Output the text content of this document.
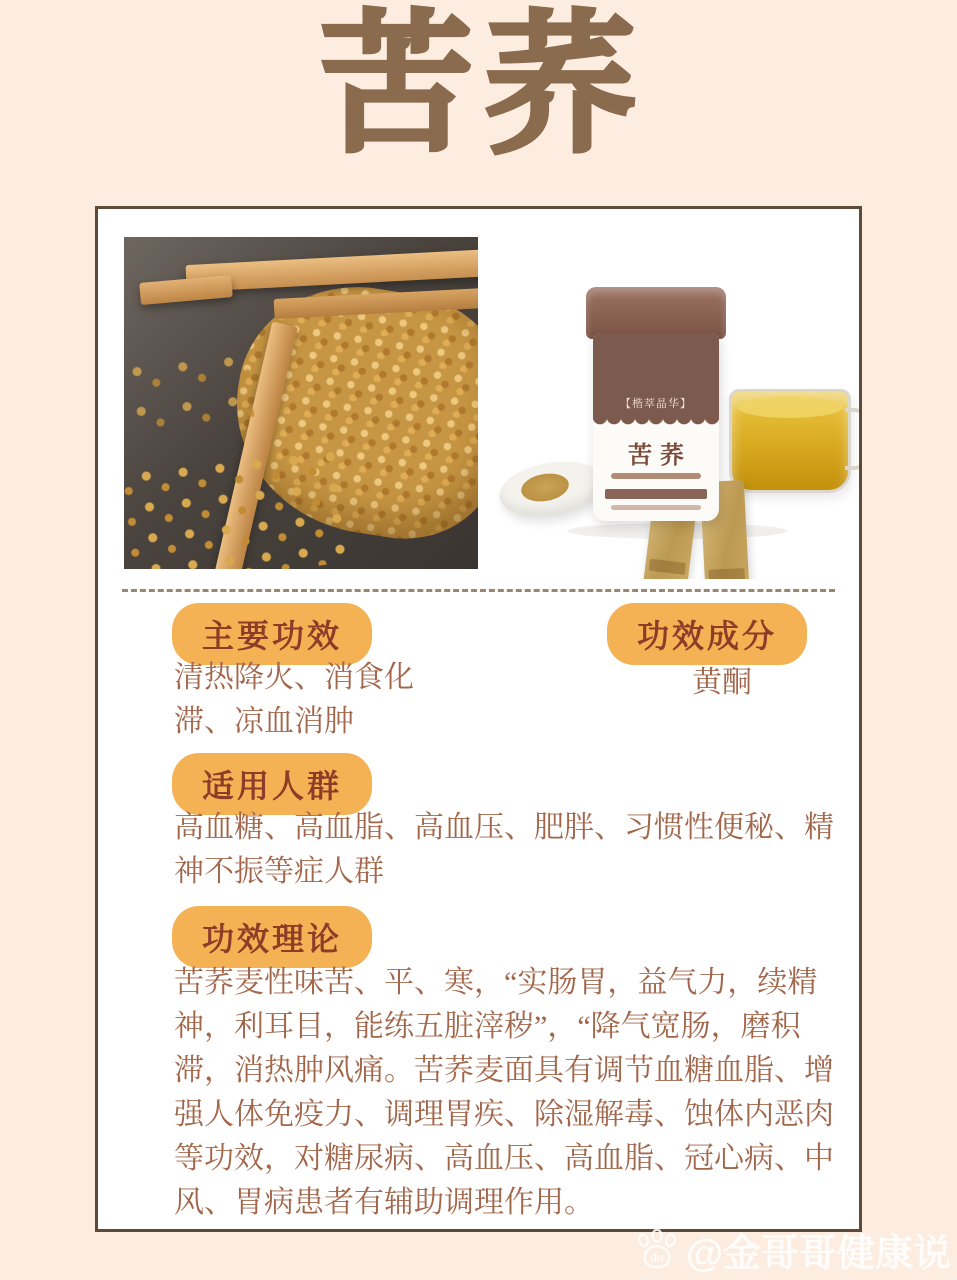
苦荞
【楷萃晶华】
苦荞
主要功效	功效成分
清热降火、消食化滞、凉血消肿
黄酮
适用人群
高血糖、高血脂、高血压、肥胖、习惯性便秘、精神不振等症人群
功效理论
苦荞麦性味苦、平、寒，“实肠胃，益气力，续精神，利耳目，能练五脏滓秽”，“降气宽肠，磨积滞，消热肿风痛。苦荞麦面具有调节血糖血脂、增强人体免疫力、调理胃疾、除湿解毒、蚀体内恶肉等功效，对糖尿病、高血压、高血脂、冠心病、中风、胃病患者有辅助调理作用。
du @金哥哥健康说
